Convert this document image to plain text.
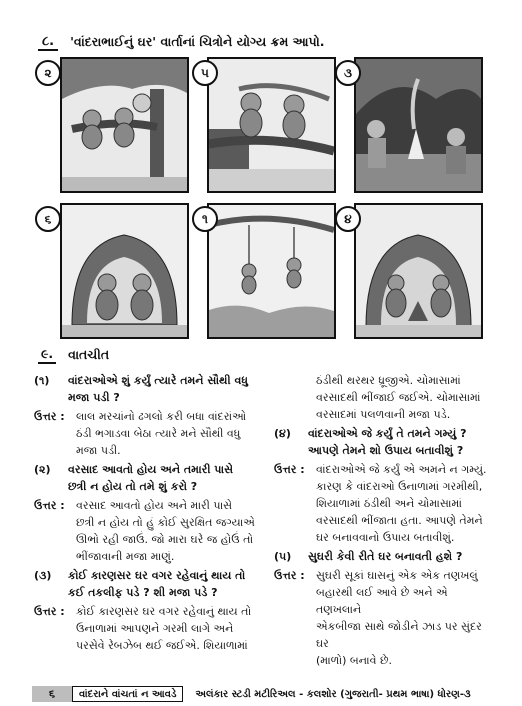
૮.	'વાંદરાભાઈનું ઘર' વાર્તાનાં ચિત્રોને યોગ્ય ક્રમ આપો.
૨	૫	૩
૬	૧	૪
૯. વાતચીત
(૧)	વાંદરાઓએ શું કર્યું ત્યારે તમને સૌથી વધુ
મજા પડી ?
ઉત્તર :	લાલ મરચાંનો ઢગલો કરી બધા વાંદરાંઓ
ઠંડી ભગાડવા બેઠા ત્યારે મને સૌથી વધુ
મજા પડી.
(૨)	વરસાદ આવતો હોય અને તમારી પાસે
છત્રી ન હોય તો તમે શું કરો ?
ઉત્તર :	વરસાદ આવતો હોય અને મારી પાસે
છત્રી ન હોય તો હું કોઈ સુરક્ષિત જગ્યાએ
ઊભો રહી જાઉં. જો મારા ઘરે જ હોઉં તો
ભીંજાવાની મજા માણું.
(૩)	કોઈ કારણસર ઘર વગર રહેવાનું થાય તો
કઈ તકલીફ પડે ? શી મજા પડે ?
ઉત્તર :	કોઈ કારણસર ઘર વગર રહેવાનું થાય તો
ઉનાળામાં આપણને ગરમી લાગે અને
પરસેવે રેબઝેબ થઈ જઈએ. શિયાળામાં
ઠંડીથી થરથર ધ્રૂજીએ. ચોમાસામાં
વરસાદથી ભીંજાઈ જઈએ. ચોમાસામાં
વરસાદમાં પલળવાની મજા પડે.
(૪)	વાંદરાઓએ જે કર્યું તે તમને ગમ્યું ?
આપણે તેમને શો ઉપાય બતાવીશું ?
ઉત્તર :	વાંદરાઓએ જે કર્યું એ અમને ન ગમ્યું.
કારણ કે વાંદરાઓ ઉનાળામાં ગરમીથી,
શિયાળામાં ઠંડીથી અને ચોમાસામાં
વરસાદથી ભીંજાતા હતા. આપણે તેમને
ઘર બનાવવાનો ઉપાય બતાવીશું.
(૫)	સુઘરી કેવી રીતે ઘર બનાવતી હશે ?
ઉત્તર :	સુઘરી સૂકાં ઘાસનું એક એક તણખલું
બહારથી લઈ આવે છે અને એ તણખલાને
એકબીજા સાથે જોડીને ઝાડ પર સુંદર ઘર
(માળો) બનાવે છે.
૬	વાંદરાને વાંચતાં ન આવડે	અલંકાર સ્ટડી મટીરિઅલ - કલશોર (ગુજરાતી- પ્રથમ ભાષા) ધોરણ-૩
